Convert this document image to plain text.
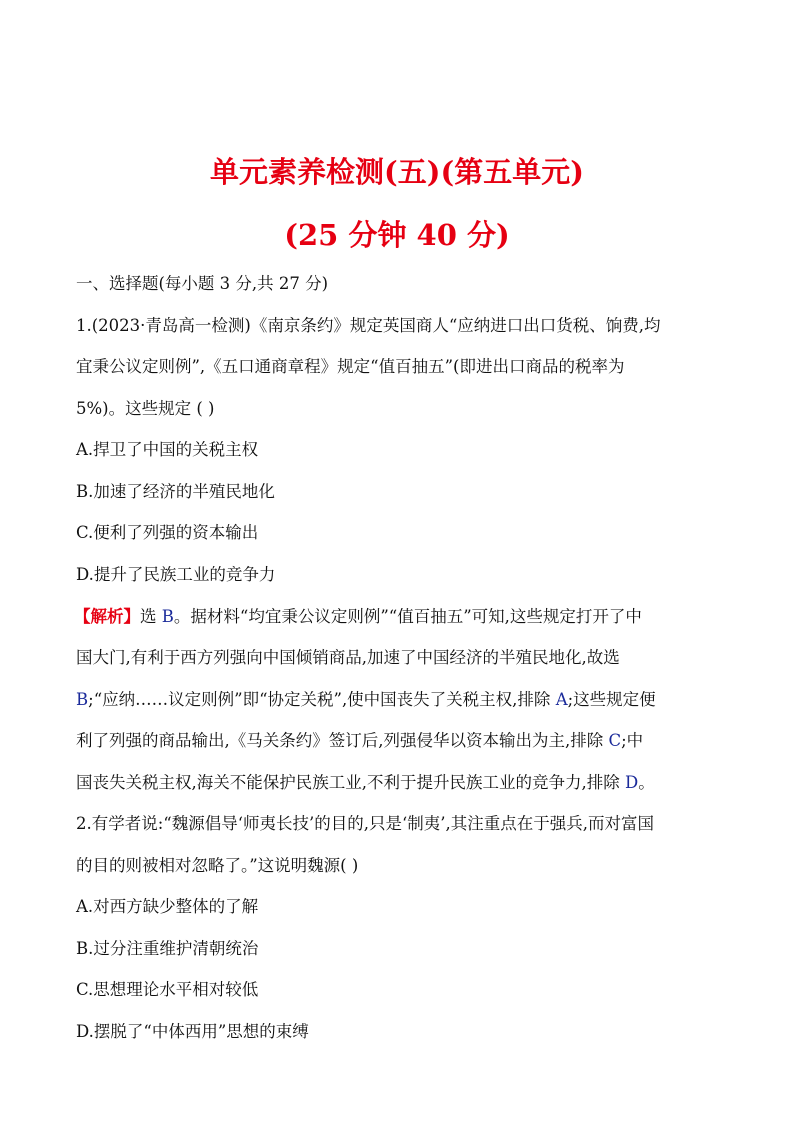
单元素养检测(五)(第五单元)
(25 分钟 40 分)
一、选择题(每小题 3 分,共 27 分)
1.(2023·青岛高一检测)《南京条约》规定英国商人“应纳进口出口货税、饷费,均
宜秉公议定则例”,《五口通商章程》规定“值百抽五”(即进出口商品的税率为
5%)。这些规定 ( )
A.捍卫了中国的关税主权
B.加速了经济的半殖民地化
C.便利了列强的资本输出
D.提升了民族工业的竞争力
【解析】选 B。据材料“均宜秉公议定则例”“值百抽五”可知,这些规定打开了中
国大门,有利于西方列强向中国倾销商品,加速了中国经济的半殖民地化,故选
B;“应纳……议定则例”即“协定关税”,使中国丧失了关税主权,排除 A;这些规定便
利了列强的商品输出,《马关条约》签订后,列强侵华以资本输出为主,排除 C;中
国丧失关税主权,海关不能保护民族工业,不利于提升民族工业的竞争力,排除 D。
2.有学者说:“魏源倡导‘师夷长技’的目的,只是‘制夷’,其注重点在于强兵,而对富国
的目的则被相对忽略了。”这说明魏源( )
A.对西方缺少整体的了解
B.过分注重维护清朝统治
C.思想理论水平相对较低
D.摆脱了“中体西用”思想的束缚
